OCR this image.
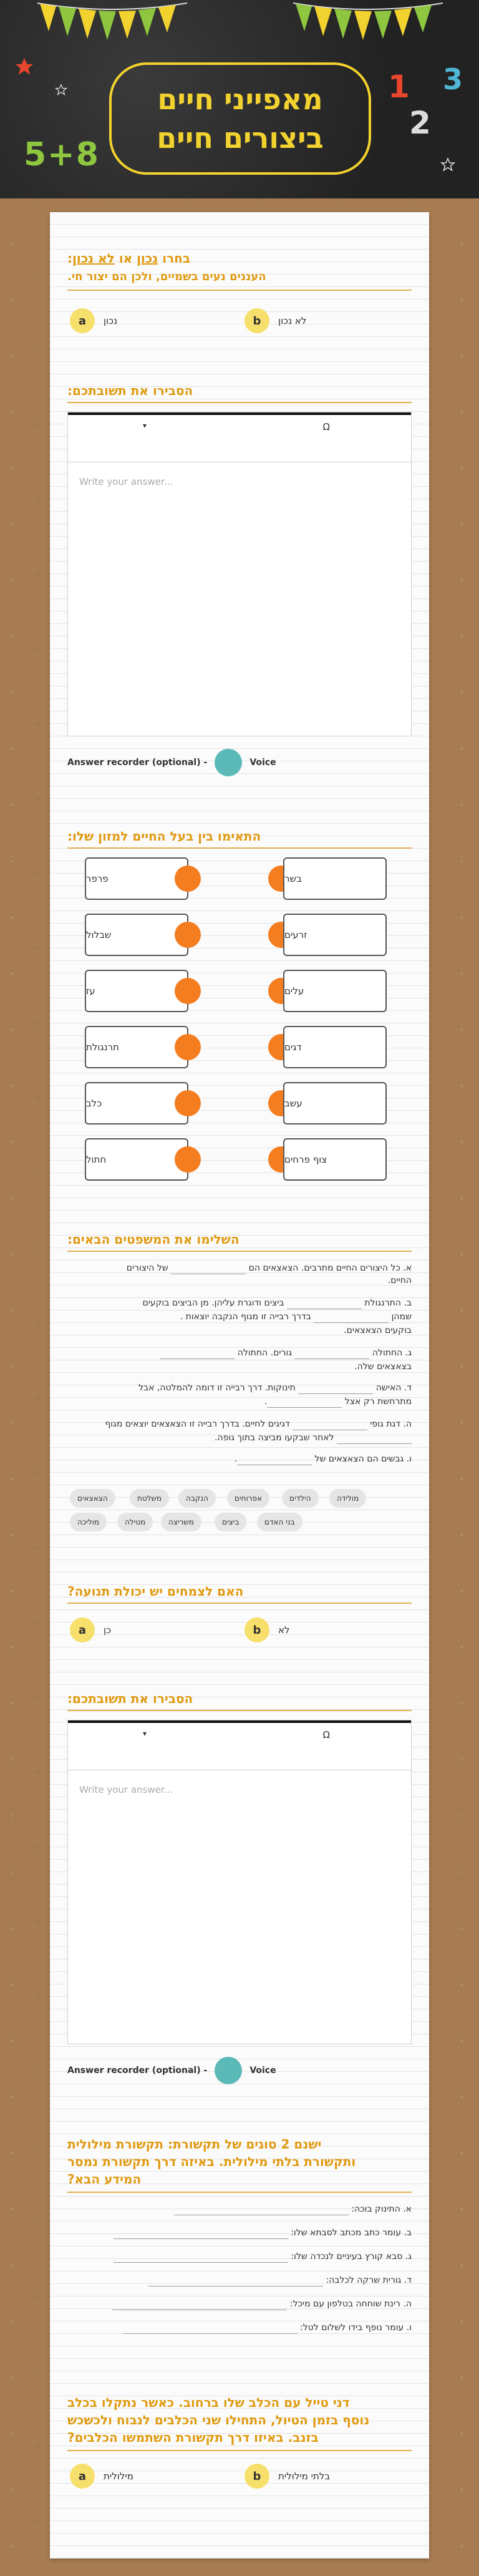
5+8
1
2
3
מאפייני חיים
ביצורים חיים
בחרו נכון או לא נכון:
העננים נעים בשמיים, ולכן הם יצור חי.
a	נכון	b	לא נכון
הסבירו את תשובתכם:
▾	Ω
Write your answer...
Answer recorder (optional) -	Voice
התאימו בין בעל החיים למזון שלו:
פרפר	בשר
שבלול	זרעים
עז	עלים
תרנגולת	דגים
כלב	עשב
חתול	צוף פרחים
השלימו את המשפטים הבאים:
א. כל היצורים החיים מתרבים. הצאצאים הם  של היצורים
החיים.
ב. התרנגולת  ביצים ודוגרת עליהן. מן הביצים בוקעים
שמהן  בדרך רבייה זו מגוף הנקבה יוצאות .
בוקעים הצאצאים.
ג. החתולה  גורים. החתולה
בצאצאים שלה.
ד. האישה  תינוקות. דרך רבייה זו דומה להמלטה, אבל
מתרחשת רק אצל .
ה. דגת גופי  דגיגים לחיים. בדרך רבייה זו הצאצאים יוצאים מגוף
לאחר שבקעו מביצה בתוך גופה.
ו. גבשים הם הצאצאים של .
מולידה
הילדים
אפרוחים
הנקבה
משלטת
הצאצאים
בני האדם
ביצים
משריצה
מטילה
מוליכה
האם לצמחים יש יכולת תנועה?
a	כן	b	לא
הסבירו את תשובתכם:
▾	Ω
Write your answer...
Answer recorder (optional) -	Voice
ישנם 2 סוגים של תקשורת: תקשורת מילולית
ותקשורת בלתי מילולית. באיזה דרך תקשורת נמסר
המידע הבא?
א. התינוק בוכה:
ב. עומר כתב מכתב לסבתא שלו:
ג. סבא קורץ בעיניים לנכדה שלו:
ד. גורית שרקה לכלבה:
ה. רינת שוחחה בטלפון עם מיכל:
ו. עומר נופף בידו לשלום לטל:
דני טייל עם הכלב שלו ברחוב. כאשר נתקלו בכלב
נוסף בזמן הטיול, התחילו שני הכלבים לנבוח ולכשכש
בזנב. באיזו דרך תקשורת השתמשו הכלבים?
a	מילולית	b	בלתי מילולית
